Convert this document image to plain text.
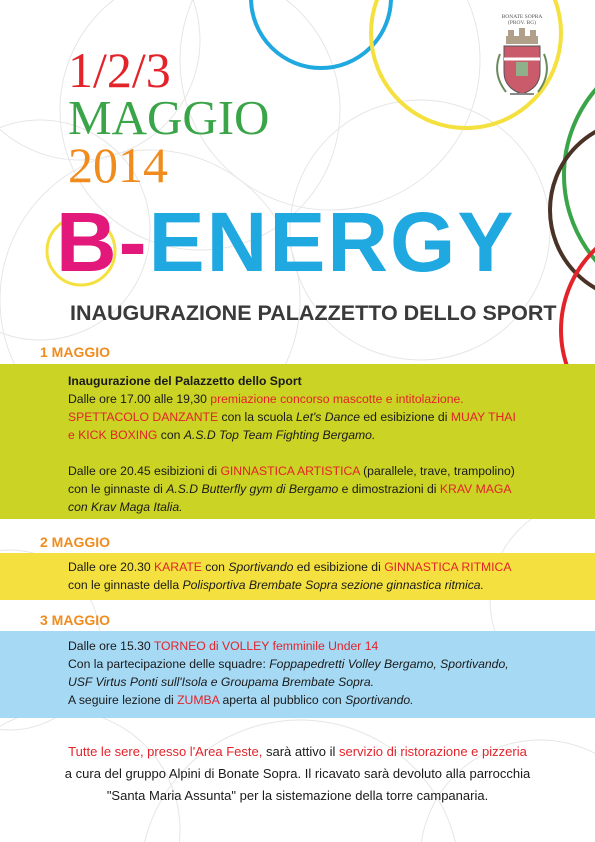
BONATE SOPRA
(PROV. BG)
1/2/3
MAGGIO
2014
B-ENERGY
INAUGURAZIONE PALAZZETTO DELLO SPORT
1 MAGGIO

Inaugurazione del Palazzetto dello Sport

Dalle ore 17.00 alle 19,30 premiazione concorso mascotte e intitolazione.

SPETTACOLO DANZANTE con la scuola Let's Dance ed esibizione di MUAY THAI

e KICK BOXING con A.S.D Top Team Fighting Bergamo.

Dalle ore 20.45 esibizioni di GINNASTICA ARTISTICA (parallele, trave, trampolino)

con le ginnaste di A.S.D Butterfly gym di Bergamo e dimostrazioni di KRAV MAGA

con Krav Maga Italia.

2 MAGGIO

Dalle ore 20.30 KARATE con Sportivando ed esibizione di GINNASTICA RITMICA

con le ginnaste della Polisportiva Brembate Sopra sezione ginnastica ritmica.

3 MAGGIO

Dalle ore 15.30 TORNEO di VOLLEY femminile Under 14

Con la partecipazione delle squadre: Foppapedretti Volley Bergamo, Sportivando,

USF Virtus Ponti sull'Isola e Groupama Brembate Sopra.

A seguire lezione di ZUMBA aperta al pubblico con Sportivando.

Tutte le sere, presso l'Area Feste, sarà attivo il servizio di ristorazione e pizzeria

a cura del gruppo Alpini di Bonate Sopra. Il ricavato sarà devoluto alla parrocchia

"Santa Maria Assunta" per la sistemazione della torre campanaria.
